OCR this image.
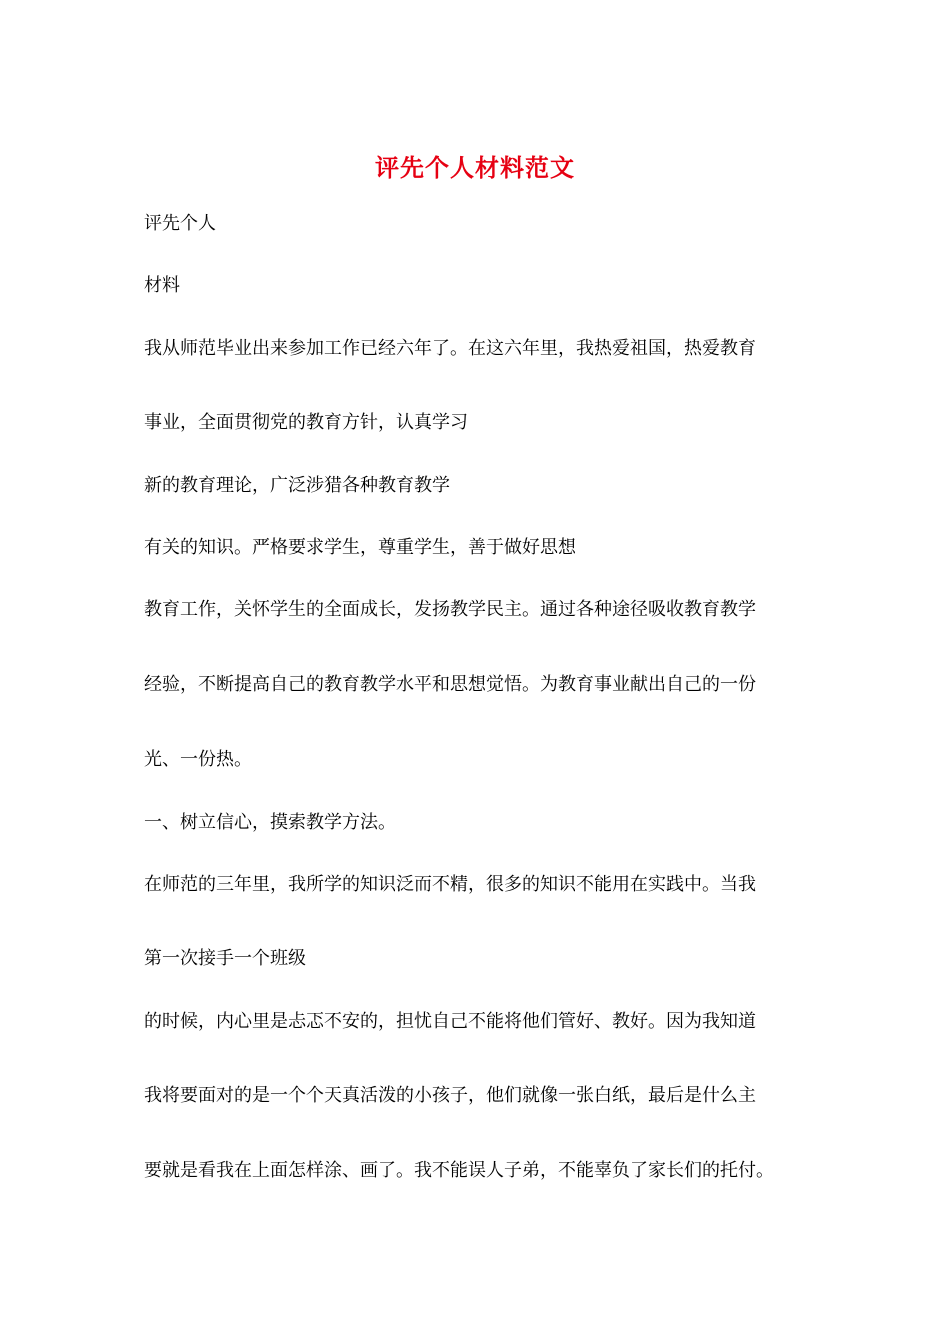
评先个人材料范文
评先个人
材料
我从师范毕业出来参加工作已经六年了。在这六年里，我热爱祖国，热爱教育
事业，全面贯彻党的教育方针，认真学习
新的教育理论，广泛涉猎各种教育教学
有关的知识。严格要求学生，尊重学生，善于做好思想
教育工作，关怀学生的全面成长，发扬教学民主。通过各种途径吸收教育教学
经验，不断提高自己的教育教学水平和思想觉悟。为教育事业献出自己的一份
光、一份热。
一、树立信心，摸索教学方法。
在师范的三年里，我所学的知识泛而不精，很多的知识不能用在实践中。当我
第一次接手一个班级
的时候，内心里是忐忑不安的，担忧自己不能将他们管好、教好。因为我知道
我将要面对的是一个个天真活泼的小孩子，他们就像一张白纸，最后是什么主
要就是看我在上面怎样涂、画了。我不能误人子弟，不能辜负了家长们的托付。
